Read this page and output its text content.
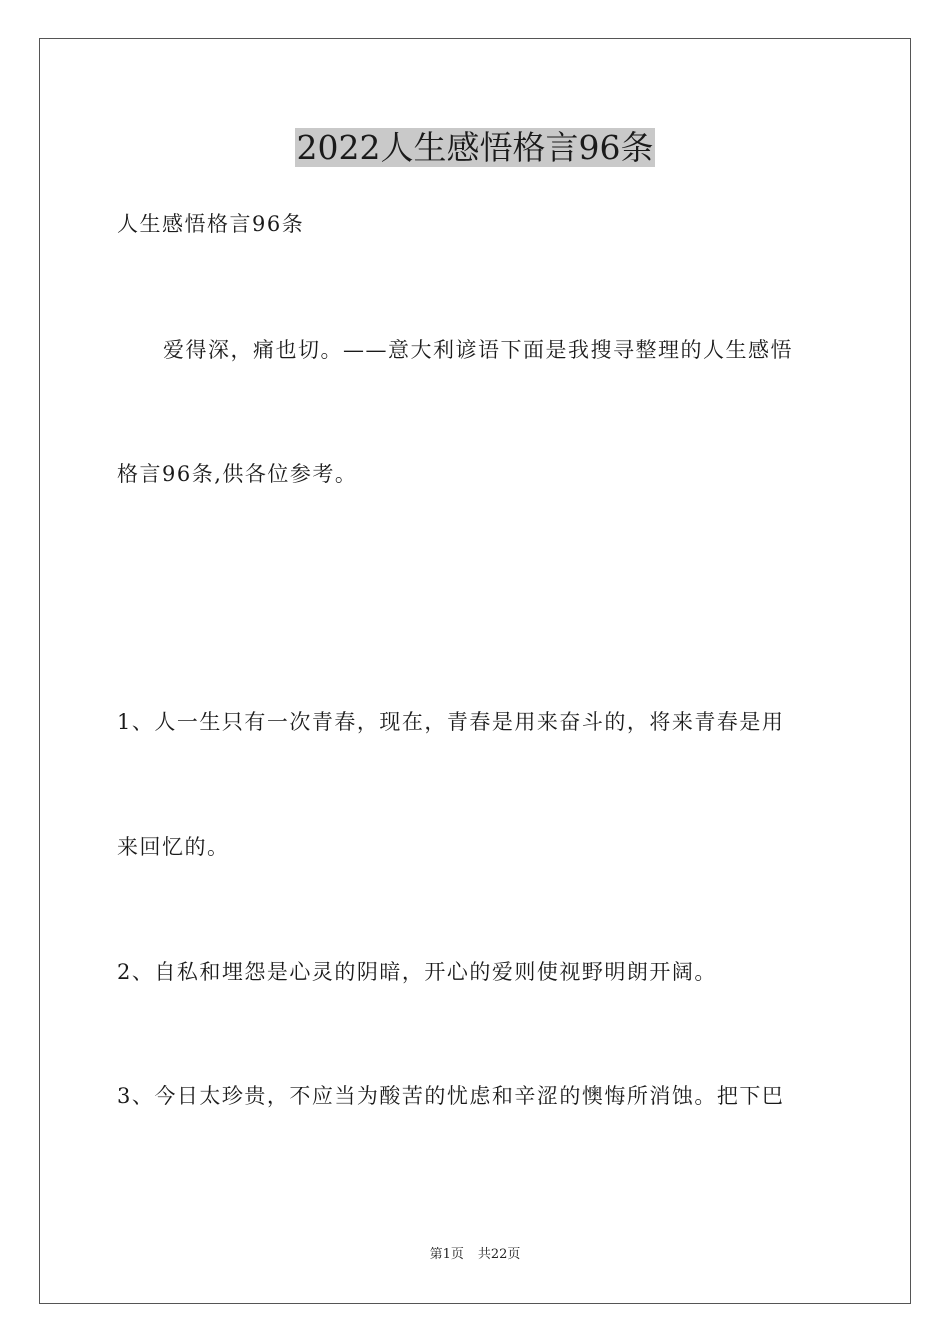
2022人生感悟格言96条

人生感悟格言96条

爱得深，痛也切。——意大利谚语下面是我搜寻整理的人生感悟

格言96条,供各位参考。

1、人一生只有一次青春，现在，青春是用来奋斗的，将来青春是用

来回忆的。

2、自私和埋怨是心灵的阴暗，开心的爱则使视野明朗开阔。

3、今日太珍贵，不应当为酸苦的忧虑和辛涩的懊悔所消蚀。把下巴

第1页 共22页
